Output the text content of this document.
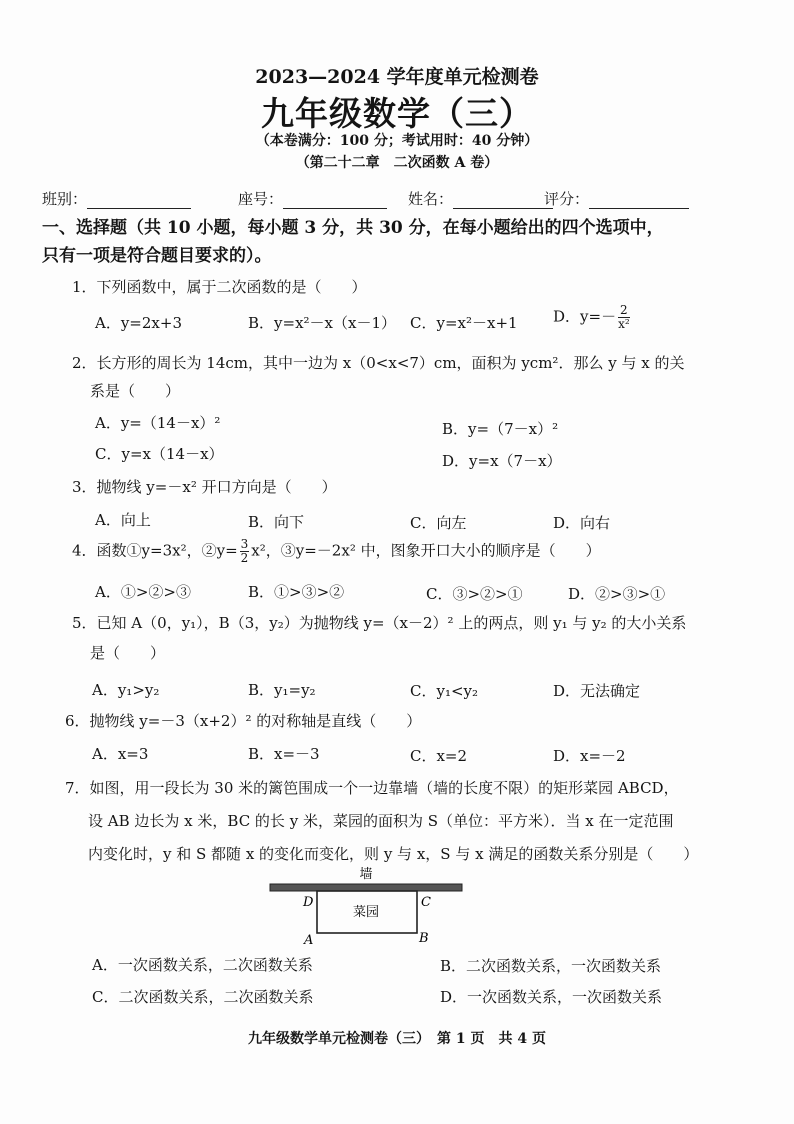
2023—2024 学年度单元检测卷
九年级数学（三）
（本卷满分：100 分；考试用时：40 分钟）
（第二十二章　二次函数 A 卷）
班别：	座号：	姓名：	评分：
一、选择题（共 10 小题，每小题 3 分，共 30 分，在每小题给出的四个选项中，
只有一项是符合题目要求的）。
1．下列函数中，属于二次函数的是（　　）
A．y=2x+3	B．y=x²－x（x－1） C．y=x²－x+1 D．$y=- \frac{2}{\text{x²}}$
2．长方形的周长为 14cm，其中一边为 x（0<x<7）cm，面积为 ycm²．那么 y 与 x 的关
系是（　　）
A．y=（14－x）²	B．y=（7－x）²
C．y=x（14－x）	D．y=x（7－x）
3．抛物线 y=－x² 开口方向是（　　）
A．向上	B．向下	C．向左	D．向右
4．函数①y=3x²，②y= $\frac{3}{2} x^2$，③y=－2x² 中，图象开口大小的顺序是（　　）
A．①>②>③	B．①>③>②	C．③>②>①	D．②>③>①
5．已知 A（0，y₁），B（3，y₂）为抛物线 y=（x－2）² 上的两点，则 y₁ 与 y₂ 的大小关系
是（　　）
A．y₁>y₂	B．y₁=y₂	C．y₁<y₂	D．无法确定
6．抛物线 y=－3（x+2）² 的对称轴是直线（　　）
A．x=3	B．x=－3	C．x=2	D．x=－2
7．如图，用一段长为 30 米的篱笆围成一个一边靠墙（墙的长度不限）的矩形菜园 ABCD，
设 AB 边长为 x 米，BC 的长 y 米，菜园的面积为 S（单位：平方米）．当 x 在一定范围
内变化时，y 和 S 都随 x 的变化而变化，则 y 与 x，S 与 x 满足的函数关系分别是（　　）
墙
菜园
D	C
A	B
A．一次函数关系，二次函数关系	B．二次函数关系，一次函数关系
C．二次函数关系，二次函数关系	D．一次函数关系，一次函数关系
九年级数学单元检测卷（三）　第 1 页　共 4 页
